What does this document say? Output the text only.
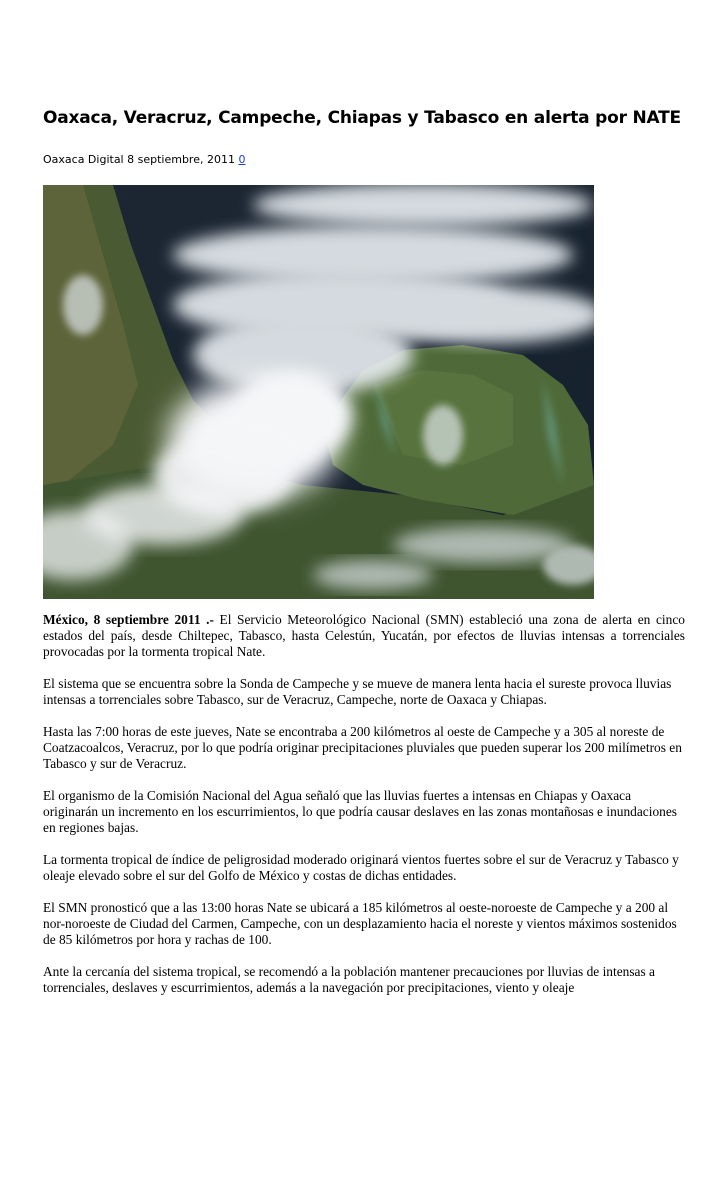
Oaxaca, Veracruz, Campeche, Chiapas y Tabasco en alerta por NATE
Oaxaca Digital 8 septiembre, 2011 0

México, 8 septiembre 2011 .- El Servicio Meteorológico Nacional (SMN) estableció una zona de alerta en cinco estados del país, desde Chiltepec, Tabasco, hasta Celestún, Yucatán, por efectos de lluvias intensas a torrenciales provocadas por la tormenta tropical Nate.

El sistema que se encuentra sobre la Sonda de Campeche y se mueve de manera lenta hacia el sureste provoca lluvias intensas a torrenciales sobre Tabasco, sur de Veracruz, Campeche, norte de Oaxaca y Chiapas.

Hasta las 7:00 horas de este jueves, Nate se encontraba a 200 kilómetros al oeste de Campeche y a 305 al noreste de Coatzacoalcos, Veracruz, por lo que podría originar precipitaciones pluviales que pueden superar los 200 milímetros en Tabasco y sur de Veracruz.

El organismo de la Comisión Nacional del Agua señaló que las lluvias fuertes a intensas en Chiapas y Oaxaca originarán un incremento en los escurrimientos, lo que podría causar deslaves en las zonas montañosas e inundaciones en regiones bajas.

La tormenta tropical de índice de peligrosidad moderado originará vientos fuertes sobre el sur de Veracruz y Tabasco y oleaje elevado sobre el sur del Golfo de México y costas de dichas entidades.

El SMN pronosticó que a las 13:00 horas Nate se ubicará a 185 kilómetros al oeste-noroeste de Campeche y a 200 al nor-noroeste de Ciudad del Carmen, Campeche, con un desplazamiento hacia el noreste y vientos máximos sostenidos de 85 kilómetros por hora y rachas de 100.

Ante la cercanía del sistema tropical, se recomendó a la población mantener precauciones por lluvias de intensas a torrenciales, deslaves y escurrimientos, además a la navegación por precipitaciones, viento y oleaje
